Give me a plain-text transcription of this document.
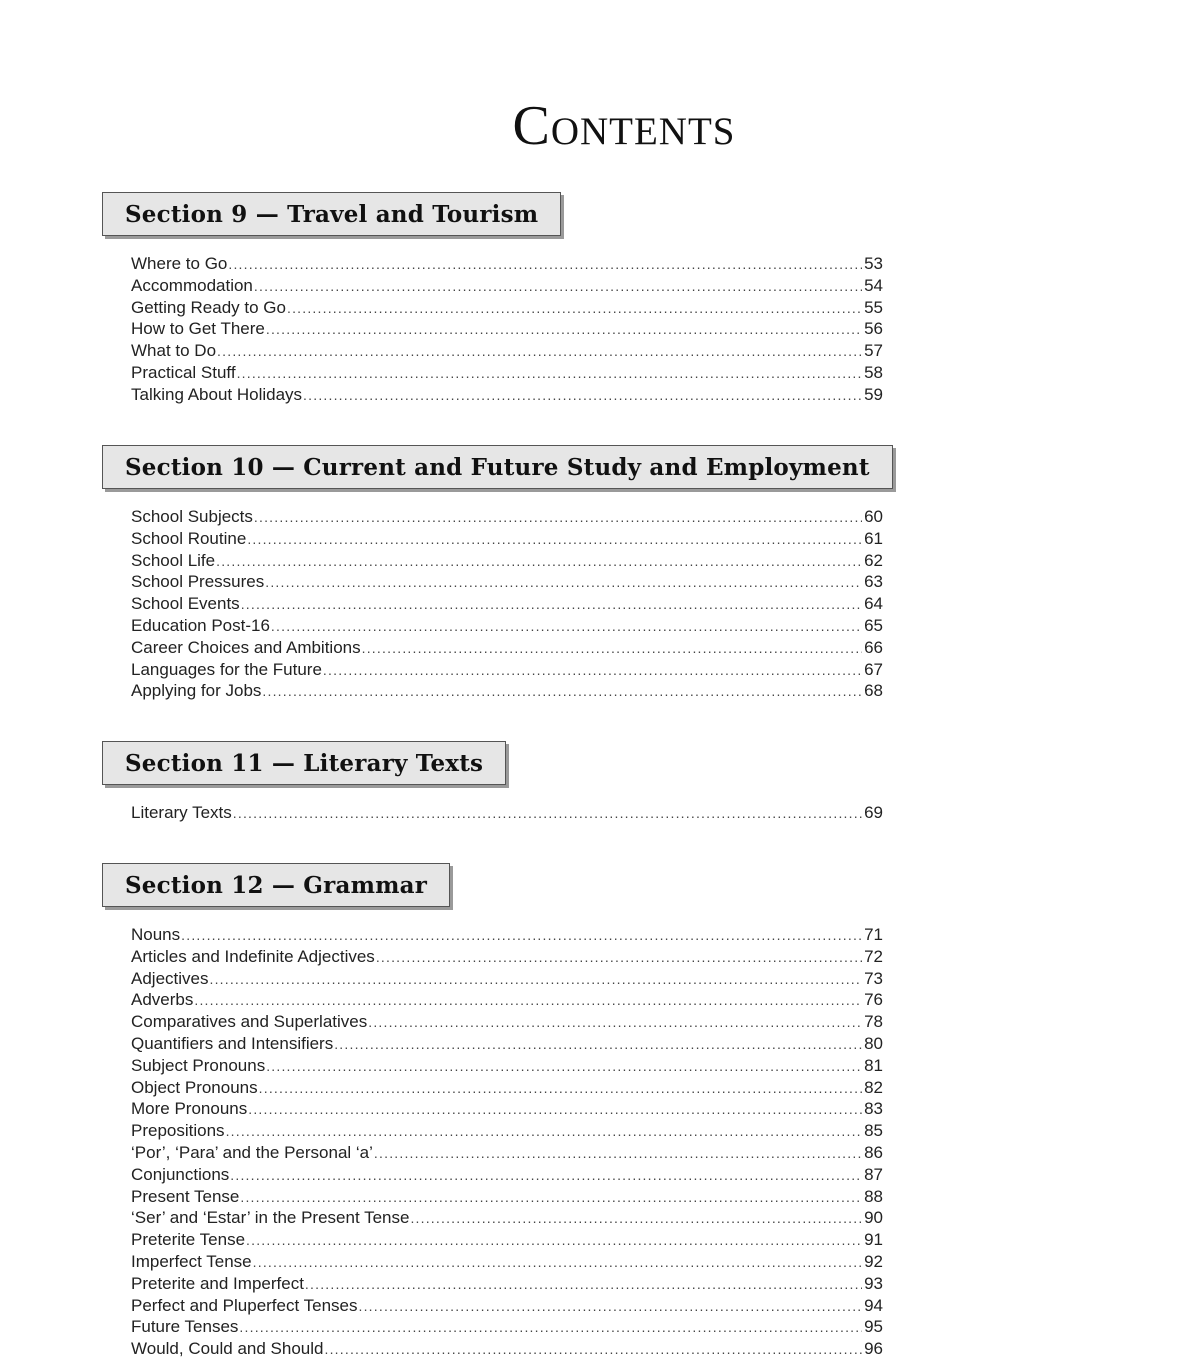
Contents
Section 9 — Travel and Tourism
Where to Go .....	53
Accommodation .....	54
Getting Ready to Go .....	55
How to Get There .....	56
What to Do .....	57
Practical Stuff .....	58
Talking About Holidays .....	59
Section 10 — Current and Future Study and Employment
School Subjects .....	60
School Routine .....	61
School Life .....	62
School Pressures .....	63
School Events .....	64
Education Post-16 .....	65
Career Choices and Ambitions .....	66
Languages for the Future .....	67
Applying for Jobs .....	68
Section 11 — Literary Texts
Literary Texts .....	69
Section 12 — Grammar
Nouns .....	71
Articles and Indefinite Adjectives .....	72
Adjectives .....	73
Adverbs .....	76
Comparatives and Superlatives .....	78
Quantifiers and Intensifiers .....	80
Subject Pronouns .....	81
Object Pronouns .....	82
More Pronouns .....	83
Prepositions .....	85
‘Por’, ‘Para’ and the Personal ‘a’ .....	86
Conjunctions .....	87
Present Tense .....	88
‘Ser’ and ‘Estar’ in the Present Tense .....	90
Preterite Tense .....	91
Imperfect Tense .....	92
Preterite and Imperfect .....	93
Perfect and Pluperfect Tenses .....	94
Future Tenses .....	95
Would, Could and Should .....	96
